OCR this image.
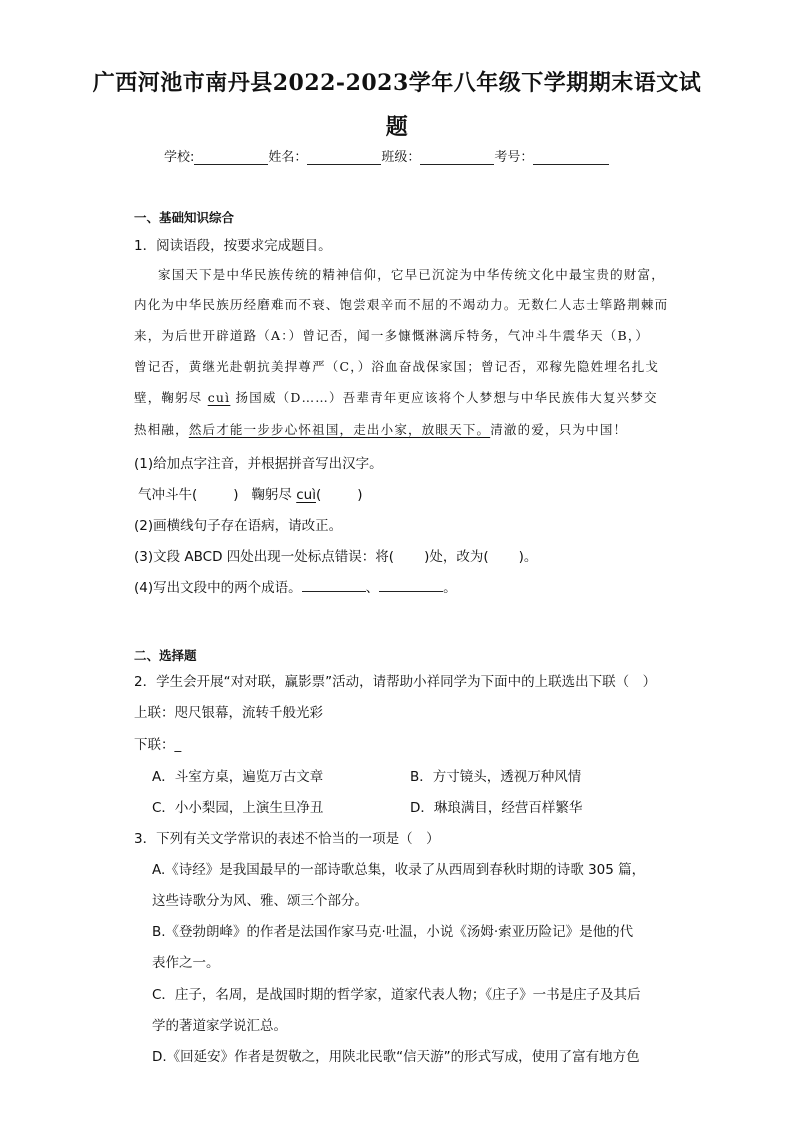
广西河池市南丹县2022-2023学年八年级下学期期末语文试
题
学校:	姓名：	班级：	考号：
一、基础知识综合
1．阅读语段，按要求完成题目。
家国天下是中华民族传统的精神信仰，它早已沉淀为中华传统文化中最宝贵的财富，
内化为中华民族历经磨难而不衰、饱尝艰辛而不屈的不竭动力。无数仁人志士筚路荆棘而
来，为后世开辟道路（A：）曾记否，闻一多慷慨淋漓斥特务，气冲斗牛震华天（B，）
曾记否，黄继光赴朝抗美捍尊严（C，）浴血奋战保家国；曾记否，邓稼先隐姓埋名扎戈
壁，鞠躬尽 cuì 扬国威（D……）吾辈青年更应该将个人梦想与中华民族伟大复兴梦交
热相融，然后才能一步步心怀祖国，走出小家，放眼天下。清澈的爱，只为中国！
(1)给加点字注音，并根据拼音写出汉字。
气冲斗牛(	) 鞠躬尽 cuì(	)
(2)画横线句子存在语病，请改正。
(3)文段 ABCD 四处出现一处标点错误：将( )处，改为( )。
(4)写出文段中的两个成语。	、	。
二、选择题
2．学生会开展“对对联，赢影票”活动，请帮助小祥同学为下面中的上联选出下联（　）
上联：咫尺银幕，流转千般光彩
下联：_
A．斗室方桌，遍览万古文章	B．方寸镜头，透视万种风情
C．小小梨园，上演生旦净丑	D．琳琅满目，经营百样繁华
3．下列有关文学常识的表述不恰当的一项是（　）
A.《诗经》是我国最早的一部诗歌总集，收录了从西周到春秋时期的诗歌 305 篇，
这些诗歌分为风、雅、颂三个部分。
B.《登勃朗峰》的作者是法国作家马克·吐温，小说《汤姆·索亚历险记》是他的代
表作之一。
C．庄子，名周，是战国时期的哲学家，道家代表人物；《庄子》一书是庄子及其后
学的著道家学说汇总。
D.《回延安》作者是贺敬之，用陕北民歌“信天游”的形式写成，使用了富有地方色
